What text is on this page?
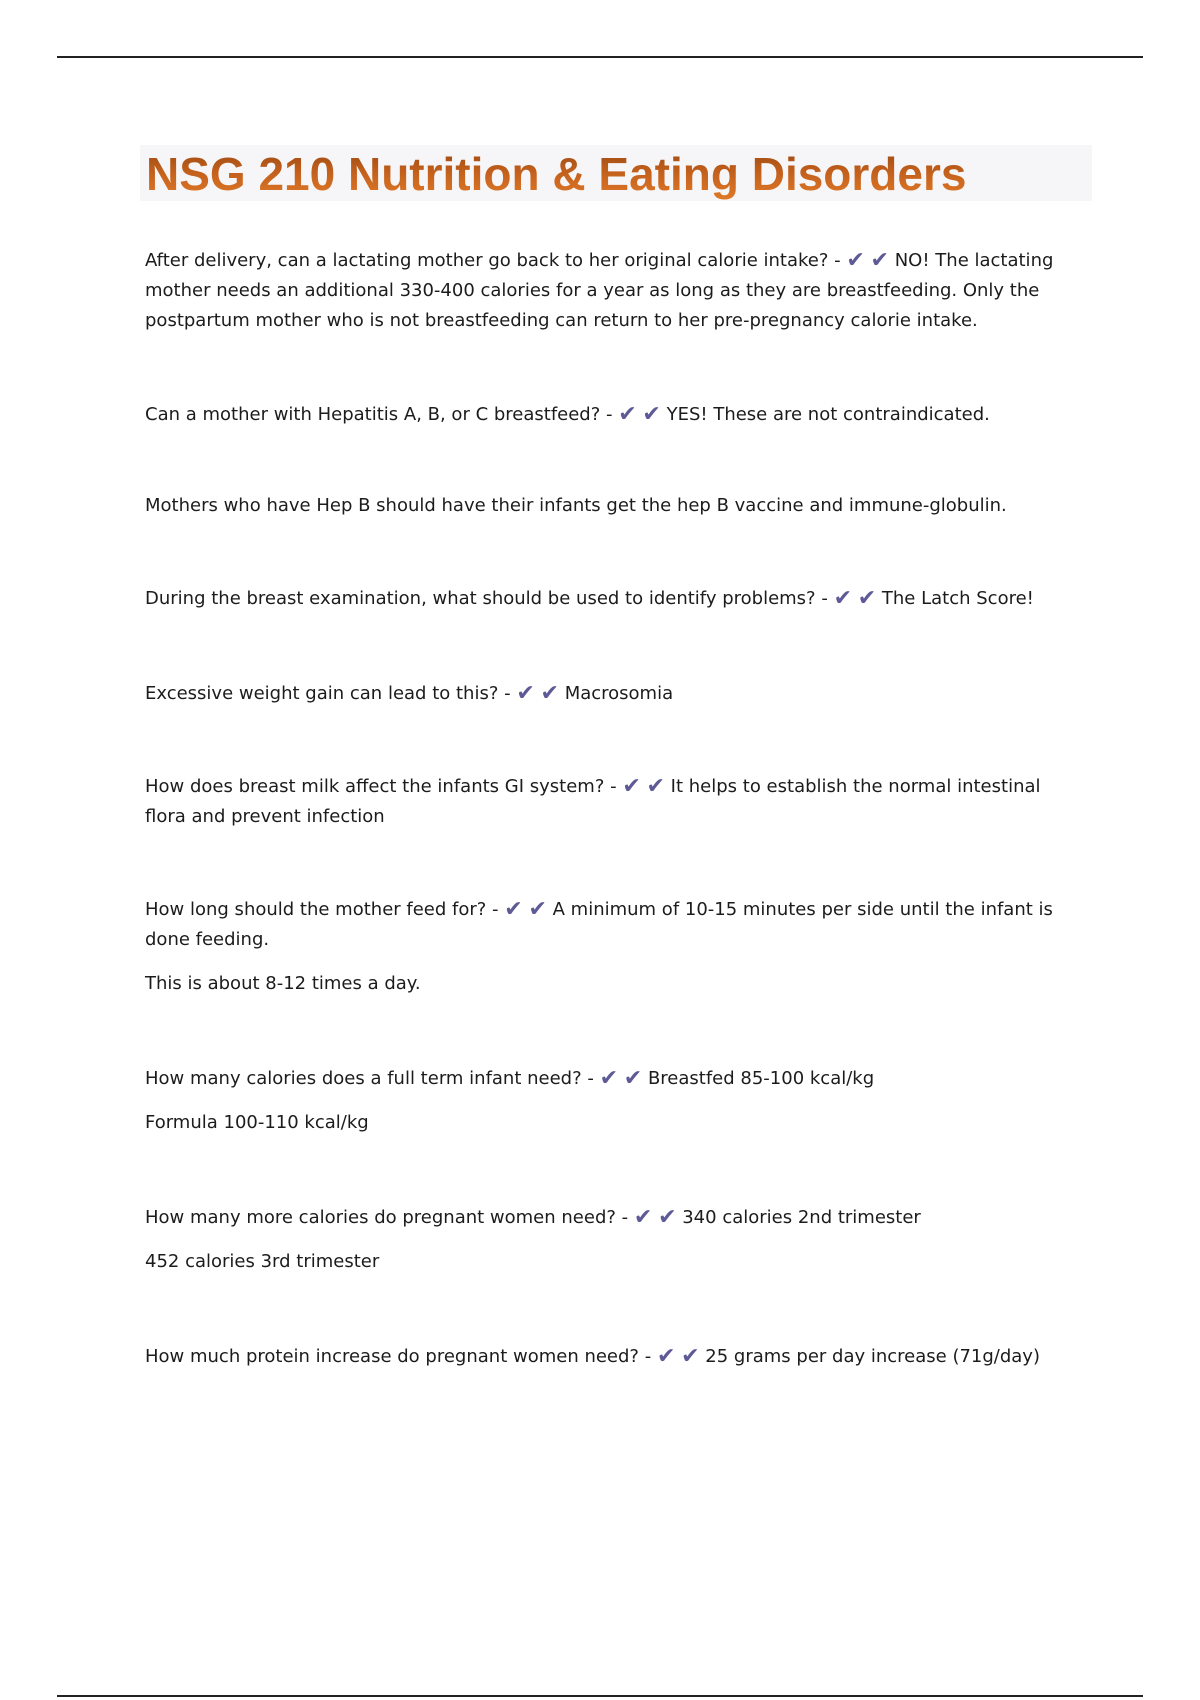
NSG 210 Nutrition & Eating Disorders

After delivery, can a lactating mother go back to her original calorie intake? - ✔ ✔ NO! The lactating mother needs an additional 330-400 calories for a year as long as they are breastfeeding. Only the postpartum mother who is not breastfeeding can return to her pre-pregnancy calorie intake.

Can a mother with Hepatitis A, B, or C breastfeed? - ✔ ✔ YES! These are not contraindicated.

Mothers who have Hep B should have their infants get the hep B vaccine and immune-globulin.

During the breast examination, what should be used to identify problems? - ✔ ✔ The Latch Score!

Excessive weight gain can lead to this? - ✔ ✔ Macrosomia

How does breast milk affect the infants GI system? - ✔ ✔ It helps to establish the normal intestinal flora and prevent infection

How long should the mother feed for? - ✔ ✔ A minimum of 10-15 minutes per side until the infant is done feeding.

This is about 8-12 times a day.

How many calories does a full term infant need? - ✔ ✔ Breastfed 85-100 kcal/kg

Formula 100-110 kcal/kg

How many more calories do pregnant women need? - ✔ ✔ 340 calories 2nd trimester

452 calories 3rd trimester

How much protein increase do pregnant women need? - ✔ ✔ 25 grams per day increase (71g/day)
